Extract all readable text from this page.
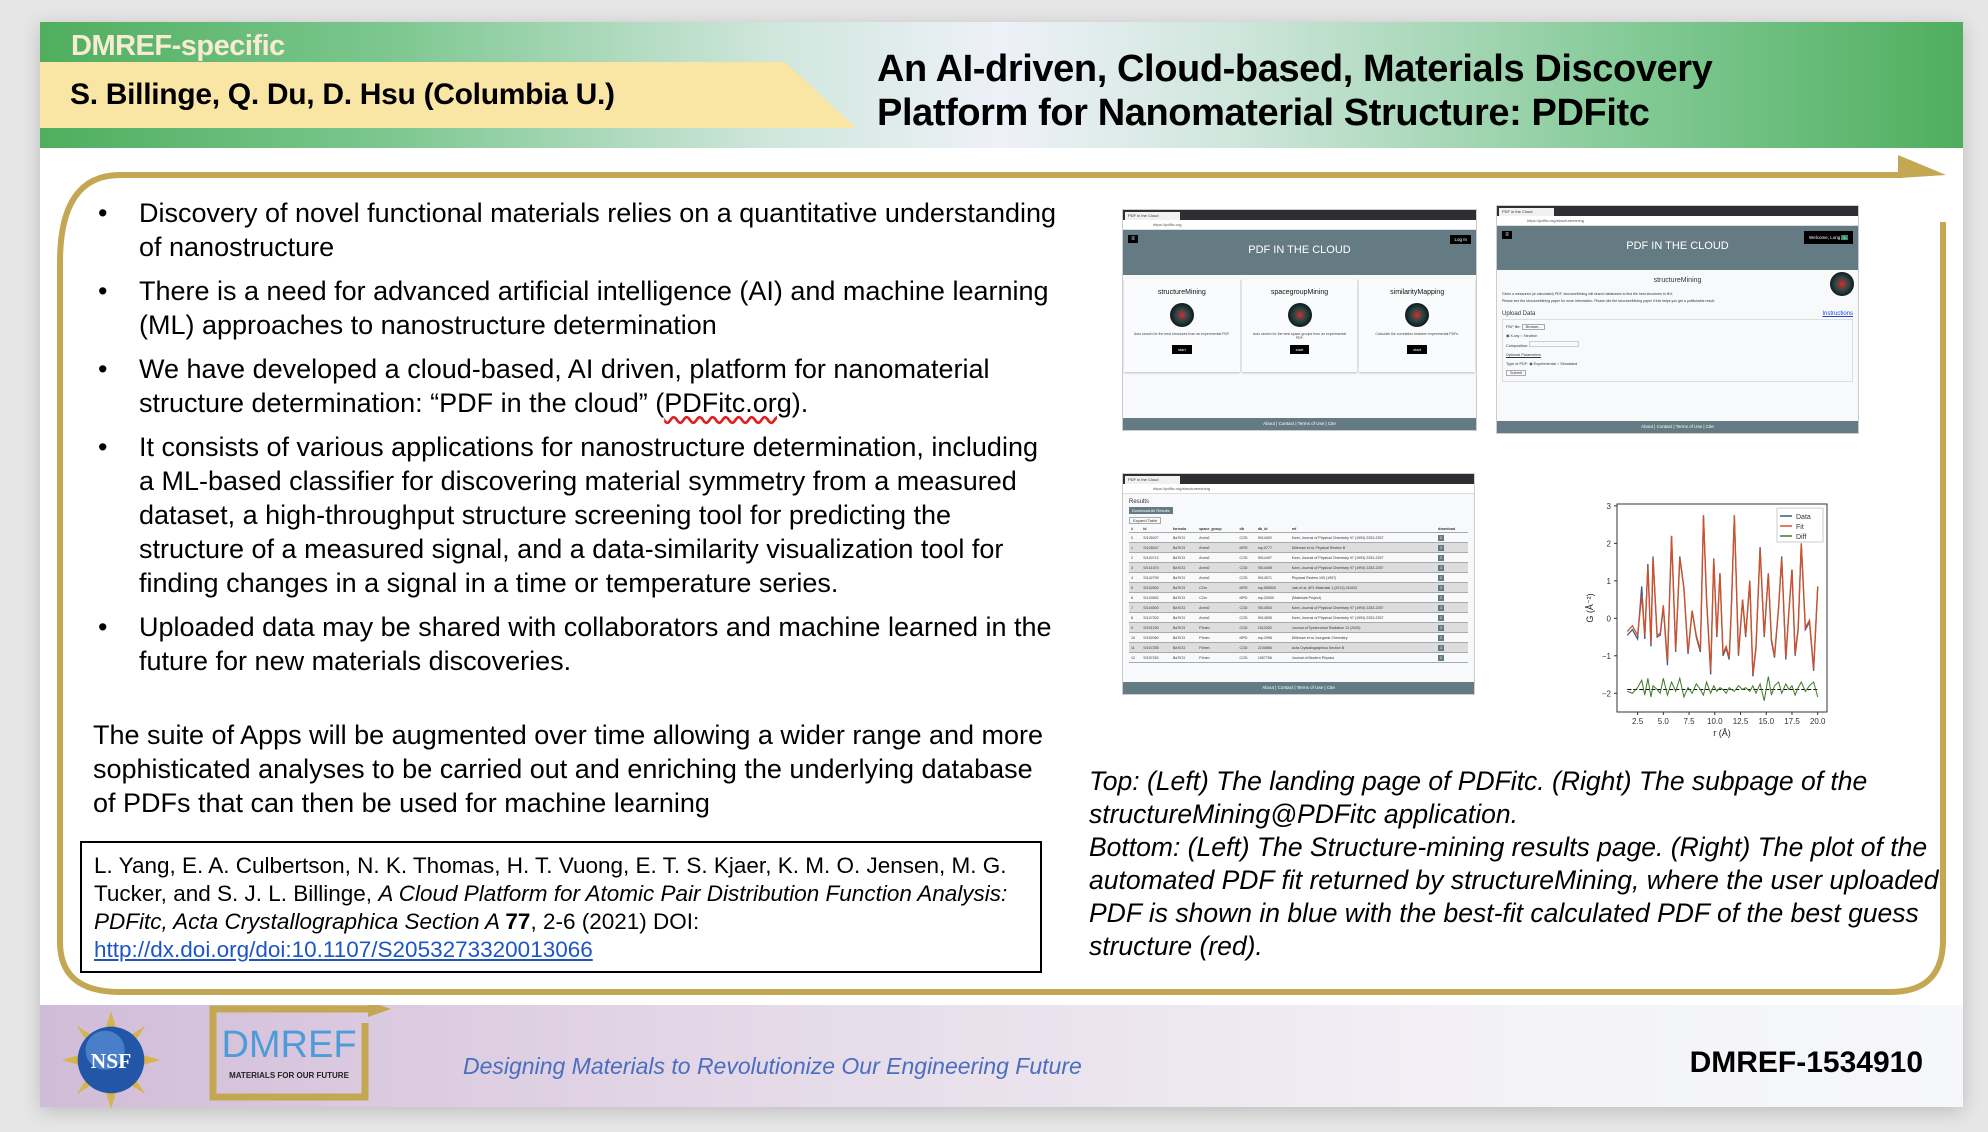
DMREF-specific
S. Billinge, Q. Du, D. Hsu (Columbia U.)
An AI-driven, Cloud-based, Materials Discovery
Platform for Nanomaterial Structure: PDFitc
• Discovery of novel functional materials relies on a quantitative understanding of nanostructure
• There is a need for advanced artificial intelligence (AI) and machine learning (ML) approaches to nanostructure determination
• We have developed a cloud-based, AI driven, platform for nanomaterial structure determination: “PDF in the cloud” (PDFitc.org).
• It consists of various applications for nanostructure determination, including a ML-based classifier for discovering material symmetry from a measured dataset, a high-throughput structure screening tool for predicting the structure of a measured signal, and a data-similarity visualization tool for finding changes in a signal in a time or temperature series.
• Uploaded data may be shared with collaborators and machine learned in the future for new materials discoveries.
The suite of Apps will be augmented over time allowing a wider range and more sophisticated analyses to be carried out and enriching the underlying database of PDFs that can then be used for machine learning
L. Yang, E. A. Culbertson, N. K. Thomas, H. T. Vuong, E. T. S. Kjaer, K. M. O. Jensen, M. G. Tucker, and S. J. L. Billinge, A Cloud Platform for Atomic Pair Distribution Function Analysis: PDFitc, Acta Crystallographica Section A 77, 2-6 (2021) DOI:
http://dx.doi.org/doi:10.1107/S2053273320013066
PDF in the Cloud
https://pdfitc.org
≡
PDF IN THE CLOUD
Log In
structureMining
Auto search for the best structures from an experimental PDF.
start
spacegroupMining
Auto search for the best space-groups from an experimental PDF.
start
similarityMapping
Calculate the correlation between experimental PDFs.
start
About | Contact | Terms of Use | Cite
PDF in the Cloud
https://pdfitc.org/structuremining
≡
PDF IN THE CLOUD
Welcome, Long L
structureMining
Given a measured (or calculated) PDF, structureMining will search databases to find the best structures to fit it.
Please see the structureMining paper for more information. Please cite the structureMining paper if this helps you get a publishable result.
Upload Data	Instructions
PDF file: Browse...
◉ X-ray ○ Neutron
Composition:
Optional Parameters
Type of PDF: ◉ Experimental ○ Simulated
Submit
About | Contact | Terms of Use | Cite
PDF in the Cloud
https://pdfitc.org/structuremining
Results
Download All Results
Expand Table
#	id	formula	space_group	db	db_id	ref	download
0	S/126027	BaTiO3	Amm2	COD	9014492	Kwei, Journal of Physical Chemistry 97 (1993) 2253-2257	⇩
1	S/126047	BaTiO3	Amm2	MPD	mp-5777	Dilleman et al, Physical Review B	⇩
2	S/140712	BaTiO3	Amm2	COD	9014497	Kwei, Journal of Physical Chemistry 97 (1993) 2253-2257	⇩
3	S/141570	BaTiO3	Amm2	COD	9014498	Kwei, Journal of Physical Chemistry 97 (1993) 2253-2257	⇩
4	S/142799	BaTiO3	Amm2	COD	9014571	Physical Review 105 (1957)	⇩
5	S/142800	BaTiO3	C2m	MPD	mp-559520	Jain et al, APL Materials 1 (2013) 011002	⇩
6	S/143552	BaTiO3	C2m	MPD	mp-20000	(Materials Project)	⇩
7	S/144500	BaTiO3	Amm2	COD	9014503	Kwei, Journal of Physical Chemistry 97 (1993) 2253-2257	⇩
8	S/147302	BaTiO3	Amm2	COD	9014505	Kwei, Journal of Physical Chemistry 97 (1993) 2253-2257	⇩
9	S/151290	BaTiO3	P4mm	COD	1513252	Journal of Synchrotron Radiation 12 (2005)	⇩
10	S/152060	BaTiO3	P4mm	MPD	mp-2998	Dilleman et al, Inorganic Chemistry	⇩
11	S/157255	BaTiO3	P4mm	COD	2100866	Acta Crystallographica Section B	⇩
12	S/157263	BaTiO3	P4mm	COD	1507756	Journal of Modern Physics	⇩
About | Contact | Terms of Use | Cite
2.5 5.0 7.5 10.0 12.5 15.0 17.5 20.0
−2
−1
0
1
2
3
r (Å)
G (Å⁻²)
Data
Fit
Diff
Top: (Left) The landing page of PDFitc. (Right) The subpage of the structureMining@PDFitc application.
Bottom: (Left) The Structure-mining results page. (Right) The plot of the automated PDF fit returned by structureMining, where the user uploaded PDF is shown in blue with the best-fit calculated PDF of the best guess structure (red).
NSF DMREF
MATERIALS FOR OUR FUTURE	Designing Materials to Revolutionize Our Engineering Future	DMREF-1534910
